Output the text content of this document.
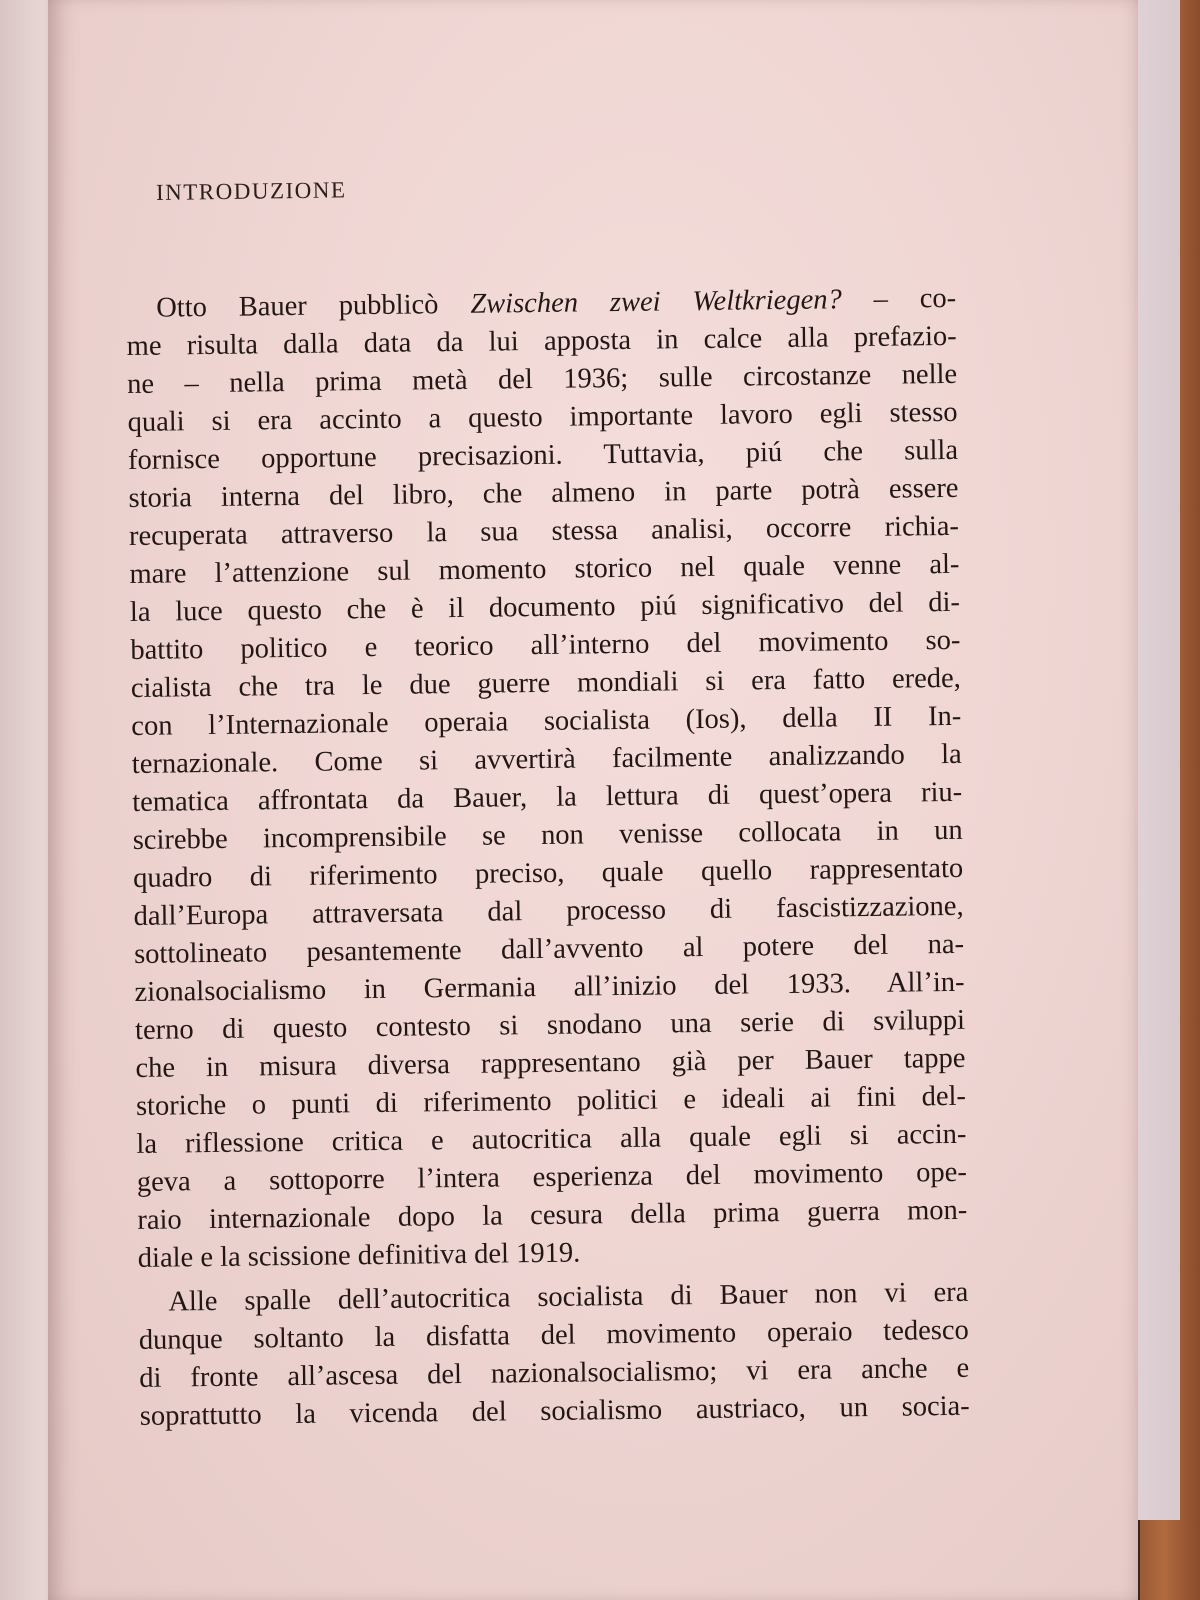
INTRODUZIONE
Otto Bauer pubblicò Zwischen zwei Weltkriegen? – co-
me risulta dalla data da lui apposta in calce alla prefazio-
ne – nella prima metà del 1936; sulle circostanze nelle
quali si era accinto a questo importante lavoro egli stesso
fornisce opportune precisazioni. Tuttavia, piú che sulla
storia interna del libro, che almeno in parte potrà essere
recuperata attraverso la sua stessa analisi, occorre richia-
mare l’attenzione sul momento storico nel quale venne al-
la luce questo che è il documento piú significativo del di-
battito politico e teorico all’interno del movimento so-
cialista che tra le due guerre mondiali si era fatto erede,
con l’Internazionale operaia socialista (Ios), della II In-
ternazionale. Come si avvertirà facilmente analizzando la
tematica affrontata da Bauer, la lettura di quest’opera riu-
scirebbe incomprensibile se non venisse collocata in un
quadro di riferimento preciso, quale quello rappresentato
dall’Europa attraversata dal processo di fascistizzazione,
sottolineato pesantemente dall’avvento al potere del na-
zionalsocialismo in Germania all’inizio del 1933. All’in-
terno di questo contesto si snodano una serie di sviluppi
che in misura diversa rappresentano già per Bauer tappe
storiche o punti di riferimento politici e ideali ai fini del-
la riflessione critica e autocritica alla quale egli si accin-
geva a sottoporre l’intera esperienza del movimento ope-
raio internazionale dopo la cesura della prima guerra mon-
diale e la scissione definitiva del 1919.
Alle spalle dell’autocritica socialista di Bauer non vi era
dunque soltanto la disfatta del movimento operaio tedesco
di fronte all’ascesa del nazionalsocialismo; vi era anche e
soprattutto la vicenda del socialismo austriaco, un socia-
